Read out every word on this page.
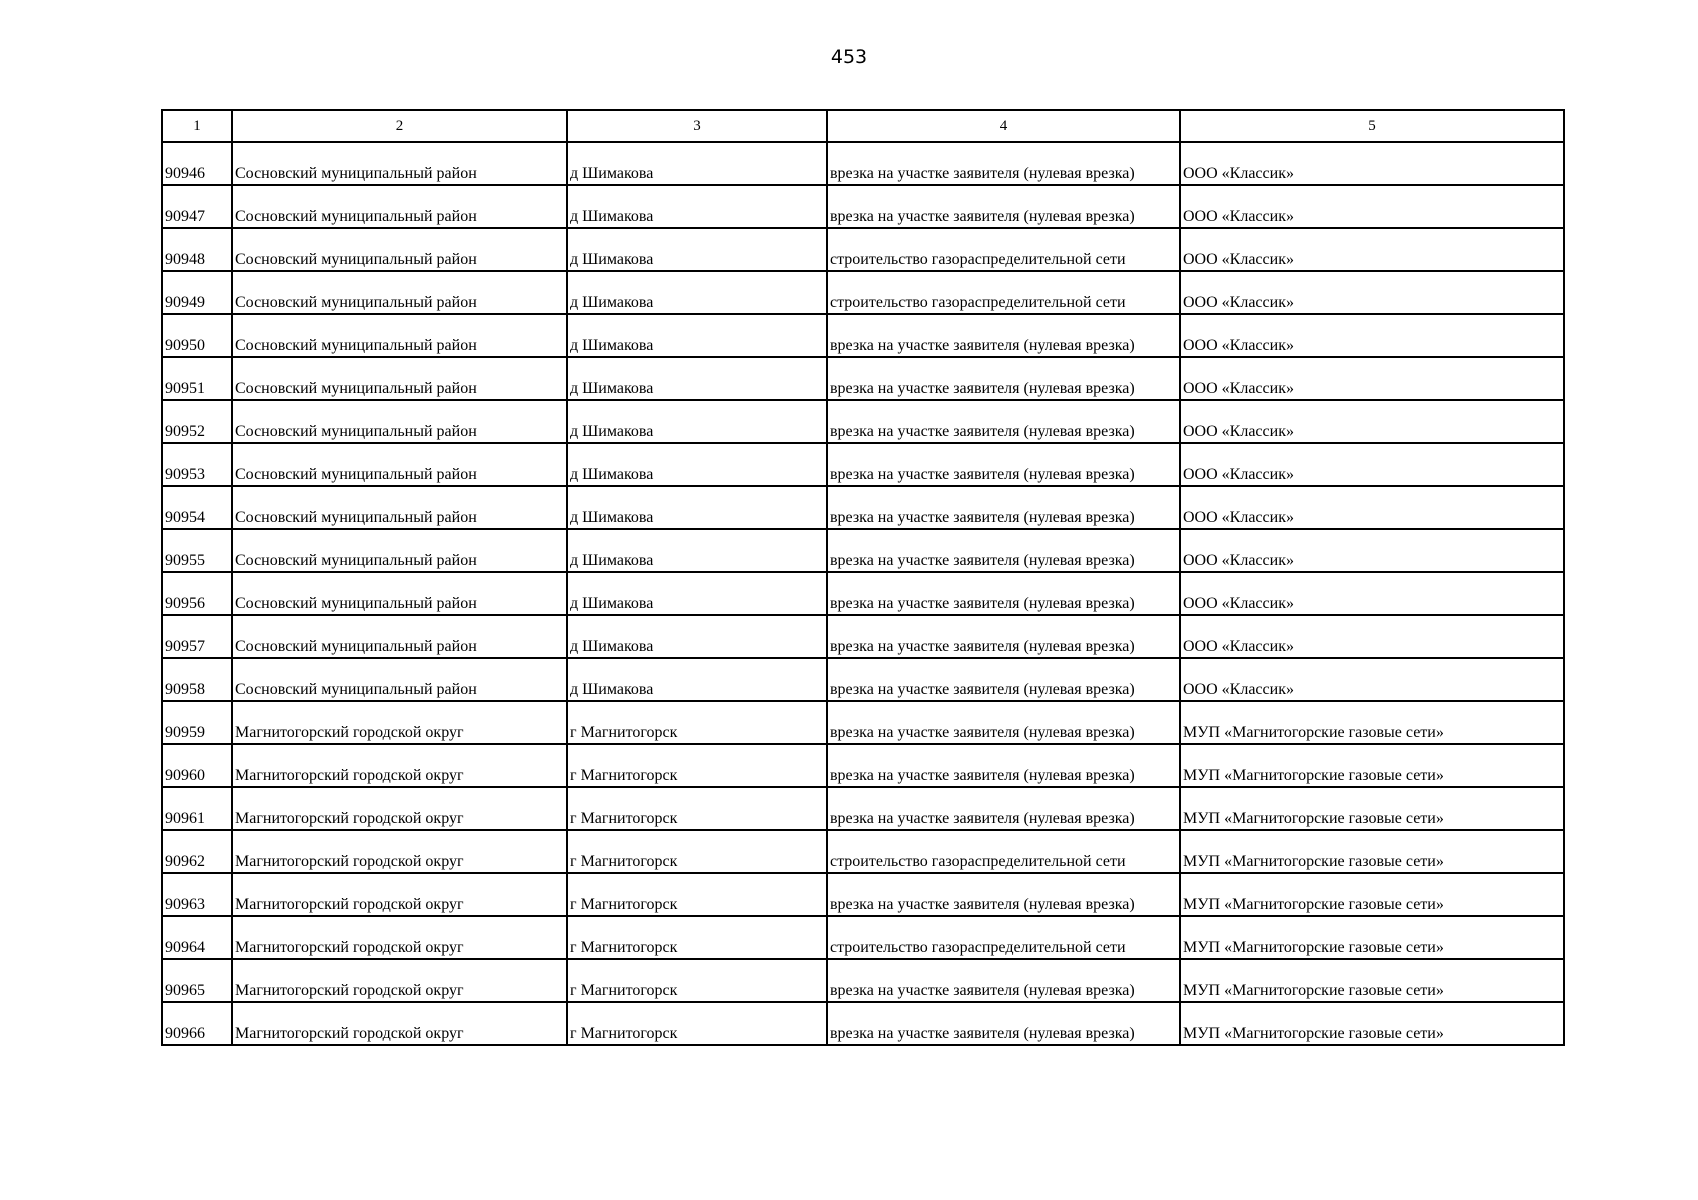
453
1	2	3	4	5
90946	Сосновский муниципальный район	д Шимакова	врезка на участке заявителя (нулевая врезка)	ООО «Классик»
90947	Сосновский муниципальный район	д Шимакова	врезка на участке заявителя (нулевая врезка)	ООО «Классик»
90948	Сосновский муниципальный район	д Шимакова	строительство газораспределительной сети	ООО «Классик»
90949	Сосновский муниципальный район	д Шимакова	строительство газораспределительной сети	ООО «Классик»
90950	Сосновский муниципальный район	д Шимакова	врезка на участке заявителя (нулевая врезка)	ООО «Классик»
90951	Сосновский муниципальный район	д Шимакова	врезка на участке заявителя (нулевая врезка)	ООО «Классик»
90952	Сосновский муниципальный район	д Шимакова	врезка на участке заявителя (нулевая врезка)	ООО «Классик»
90953	Сосновский муниципальный район	д Шимакова	врезка на участке заявителя (нулевая врезка)	ООО «Классик»
90954	Сосновский муниципальный район	д Шимакова	врезка на участке заявителя (нулевая врезка)	ООО «Классик»
90955	Сосновский муниципальный район	д Шимакова	врезка на участке заявителя (нулевая врезка)	ООО «Классик»
90956	Сосновский муниципальный район	д Шимакова	врезка на участке заявителя (нулевая врезка)	ООО «Классик»
90957	Сосновский муниципальный район	д Шимакова	врезка на участке заявителя (нулевая врезка)	ООО «Классик»
90958	Сосновский муниципальный район	д Шимакова	врезка на участке заявителя (нулевая врезка)	ООО «Классик»
90959	Магнитогорский городской округ	г Магнитогорск	врезка на участке заявителя (нулевая врезка)	МУП «Магнитогорские газовые сети»
90960	Магнитогорский городской округ	г Магнитогорск	врезка на участке заявителя (нулевая врезка)	МУП «Магнитогорские газовые сети»
90961	Магнитогорский городской округ	г Магнитогорск	врезка на участке заявителя (нулевая врезка)	МУП «Магнитогорские газовые сети»
90962	Магнитогорский городской округ	г Магнитогорск	строительство газораспределительной сети	МУП «Магнитогорские газовые сети»
90963	Магнитогорский городской округ	г Магнитогорск	врезка на участке заявителя (нулевая врезка)	МУП «Магнитогорские газовые сети»
90964	Магнитогорский городской округ	г Магнитогорск	строительство газораспределительной сети	МУП «Магнитогорские газовые сети»
90965	Магнитогорский городской округ	г Магнитогорск	врезка на участке заявителя (нулевая врезка)	МУП «Магнитогорские газовые сети»
90966	Магнитогорский городской округ	г Магнитогорск	врезка на участке заявителя (нулевая врезка)	МУП «Магнитогорские газовые сети»
